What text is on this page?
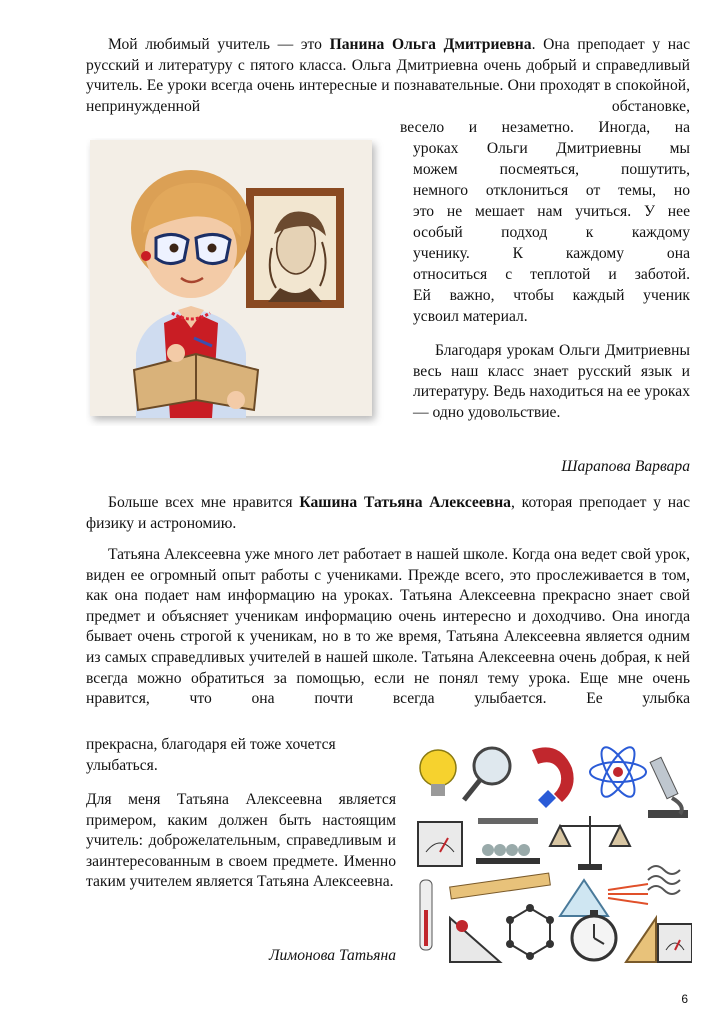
Мой любимый учитель — это Панина Ольга Дмитриевна. Она преподает у нас русский и литературу с пятого класса. Ольга Дмитриевна очень добрый и справедливый учитель. Ее уроки всегда очень интересные и познавательные. Они проходят в спокойной, непринужденной обстановке,
весело и незаметно. Иногда, на
уроках Ольги Дмитриевны мы
можем посмеяться, пошутить,
немного отклониться от темы, но
это не мешает нам учиться. У нее
особый подход к каждому
ученику. К каждому она
относиться с теплотой и заботой.
Ей важно, чтобы каждый ученик
усвоил материал.
Благодаря урокам Ольги Дмитриевны весь наш класс знает русский язык и литературу. Ведь находиться на ее уроках — одно удовольствие.
Шарапова Варвара
Больше всех мне нравится Кашина Татьяна Алексеевна, которая преподает у нас физику и астрономию.
Татьяна Алексеевна уже много лет работает в нашей школе. Когда она ведет свой урок, виден ее огромный опыт работы с учениками. Прежде всего, это прослеживается в том, как она подает нам информацию на уроках. Татьяна Алексеевна прекрасно знает свой предмет и объясняет ученикам информацию очень интересно и доходчиво. Она иногда бывает очень строгой к ученикам, но в то же время, Татьяна Алексеевна является одним из самых справедливых учителей в нашей школе. Татьяна Алексеевна очень добрая, к ней всегда можно обратиться за помощью, если не понял тему урока. Еще мне очень нравится, что она почти всегда улыбается. Ее улыбка
прекрасна, благодаря ей тоже хочется улыбаться.
Для меня Татьяна Алексеевна является примером, каким должен быть настоящим учитель: доброжелательным, справедливым и заинтересованным в своем предмете. Именно таким учителем является Татьяна Алексеевна.
Лимонова Татьяна
6
